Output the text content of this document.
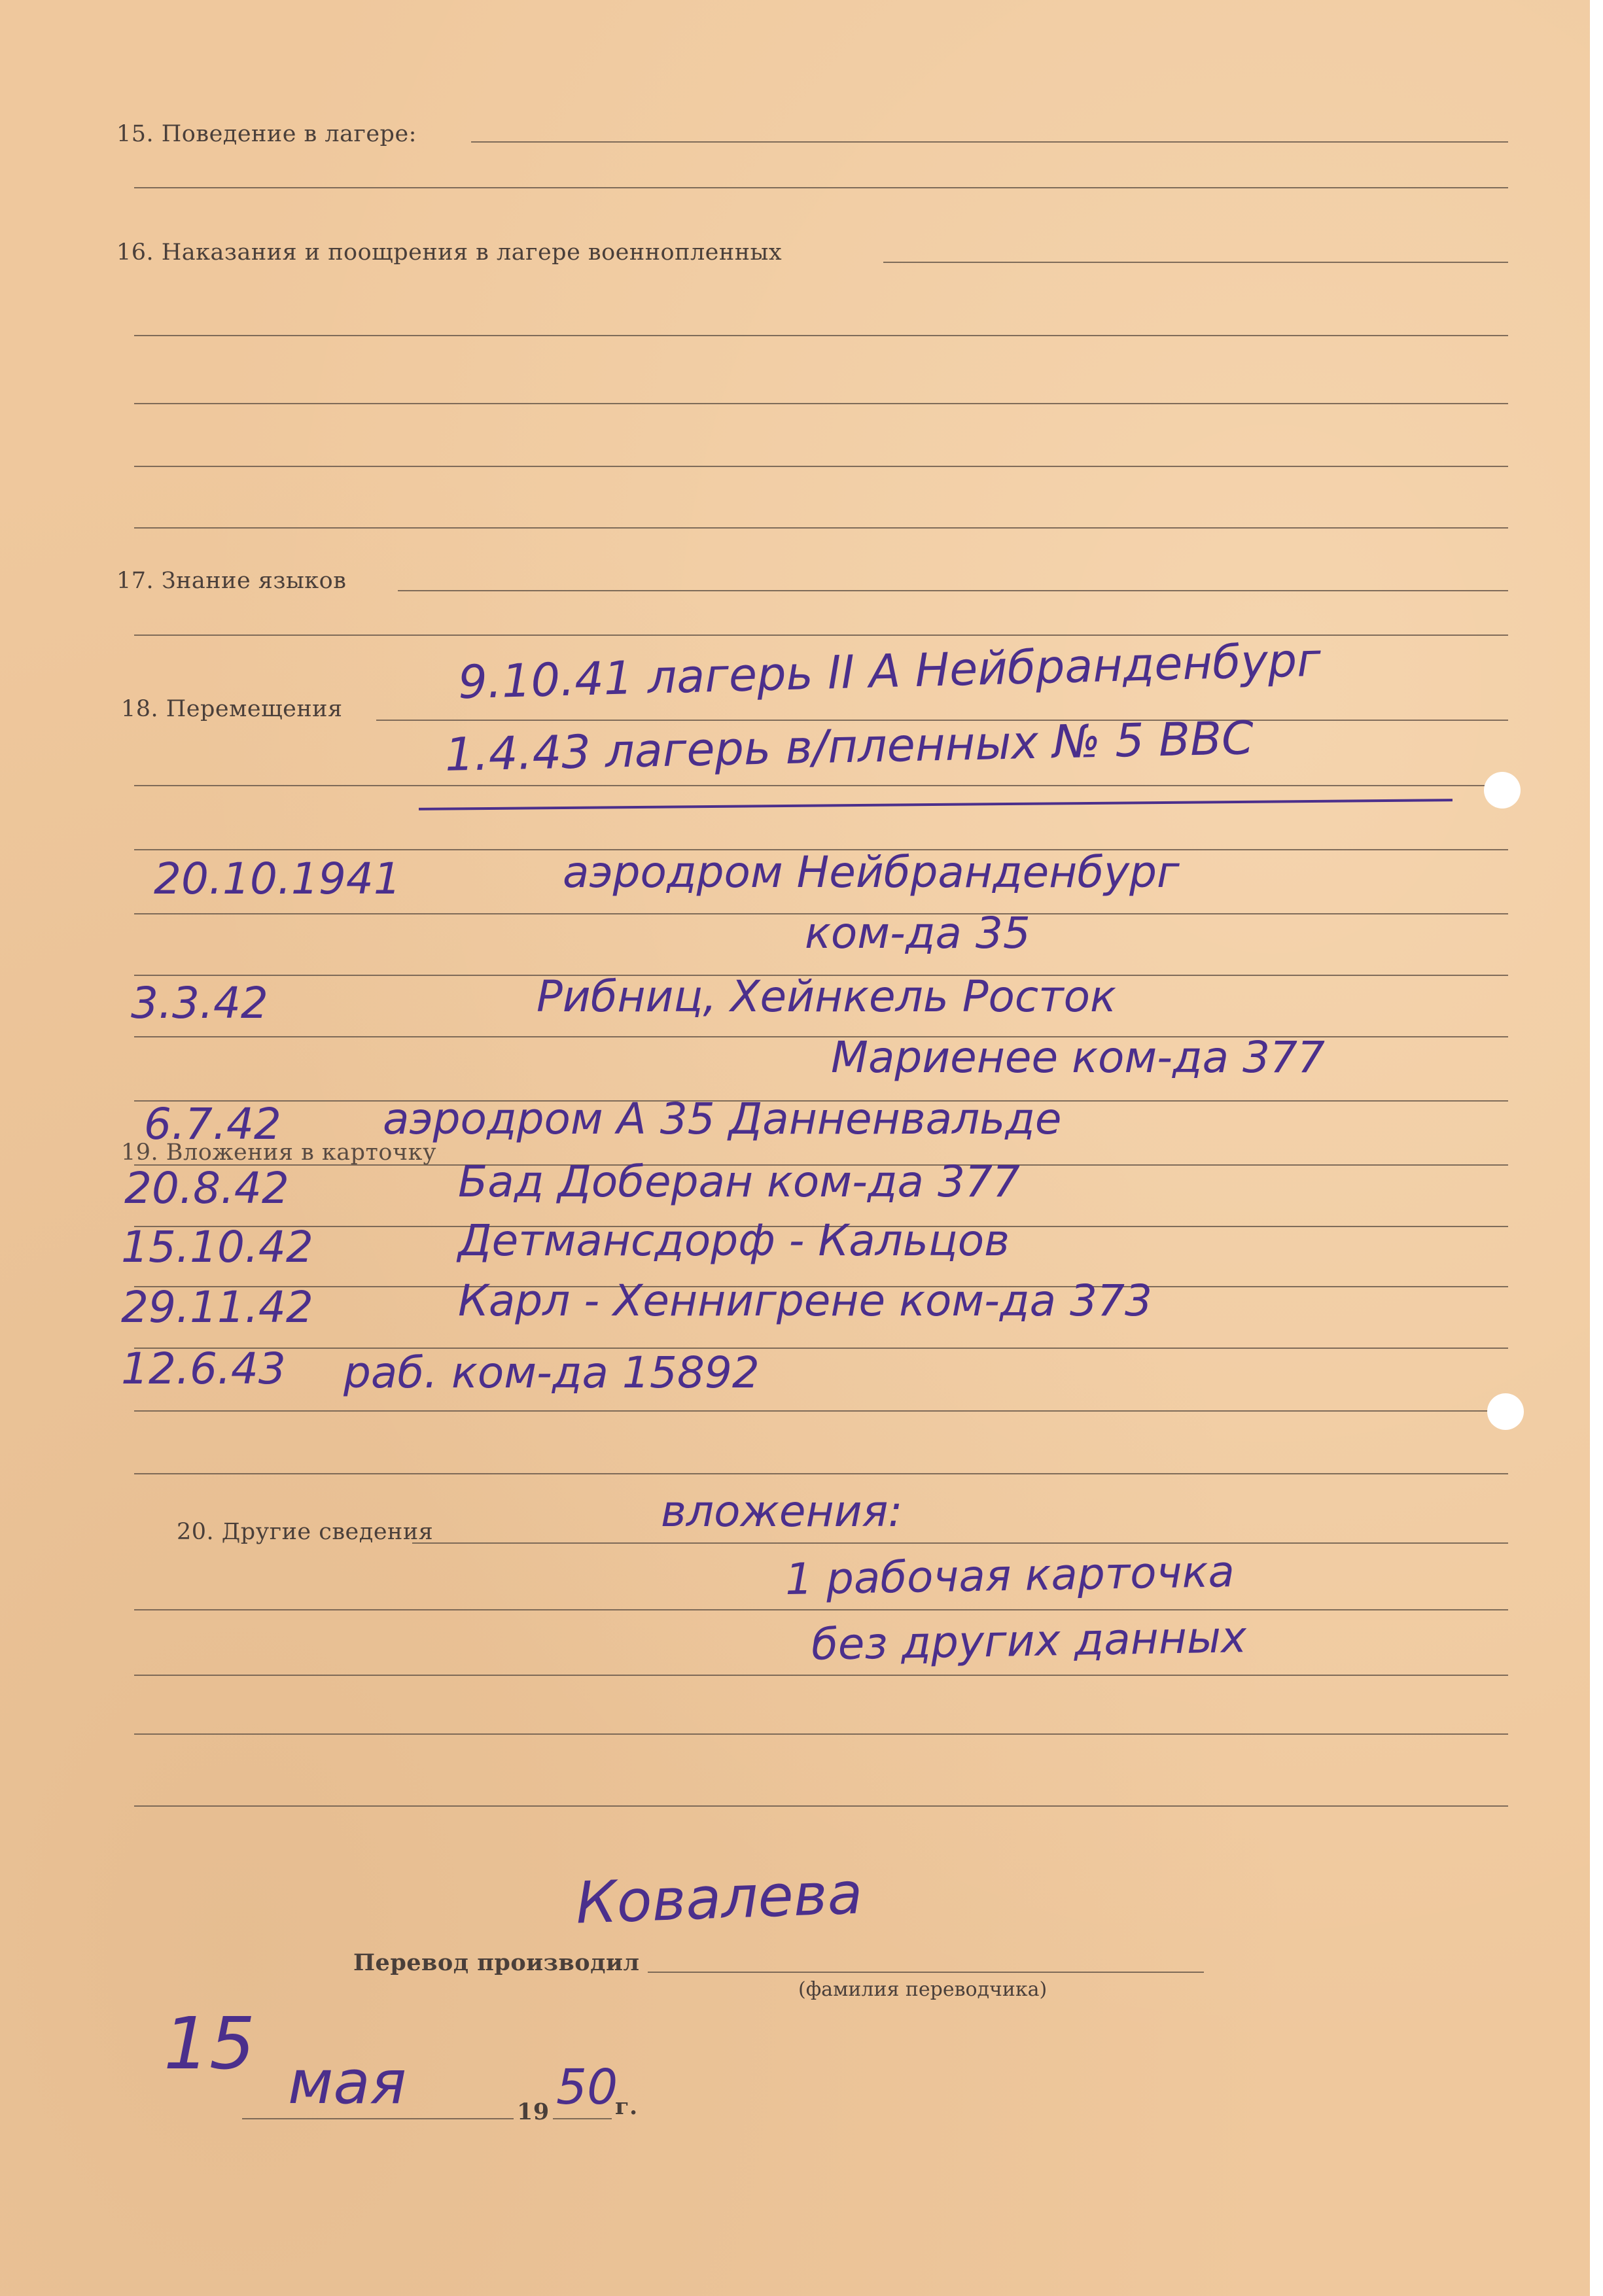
15. Поведение в лагере:
16. Наказания и поощрения в лагере военнопленных
17. Знание языков
18. Перемещения	9.10.41 лагерь II A Нейбранденбург
1.4.43 лагерь в/пленных № 5 ВВС
20.10.1941	аэродром Нейбранденбург
ком-да 35
3.3.42	Рибниц, Хейнкель Росток
Мариенее ком-да 377
6.7.42 аэродром А 35 Данненвальде
19. Вложения в карточку
20.8.42	Бад Доберан ком-да 377
15.10.42	Детмансдорф - Кальцов
29.11.42	Карл - Хеннигрене ком-да 373
12.6.43 раб. ком-да 15892
20. Другие сведения	вложения:
1 рабочая карточка
без других данных
Ковалева
Перевод производил
(фамилия переводчика)
15 мая	19 50
г.
